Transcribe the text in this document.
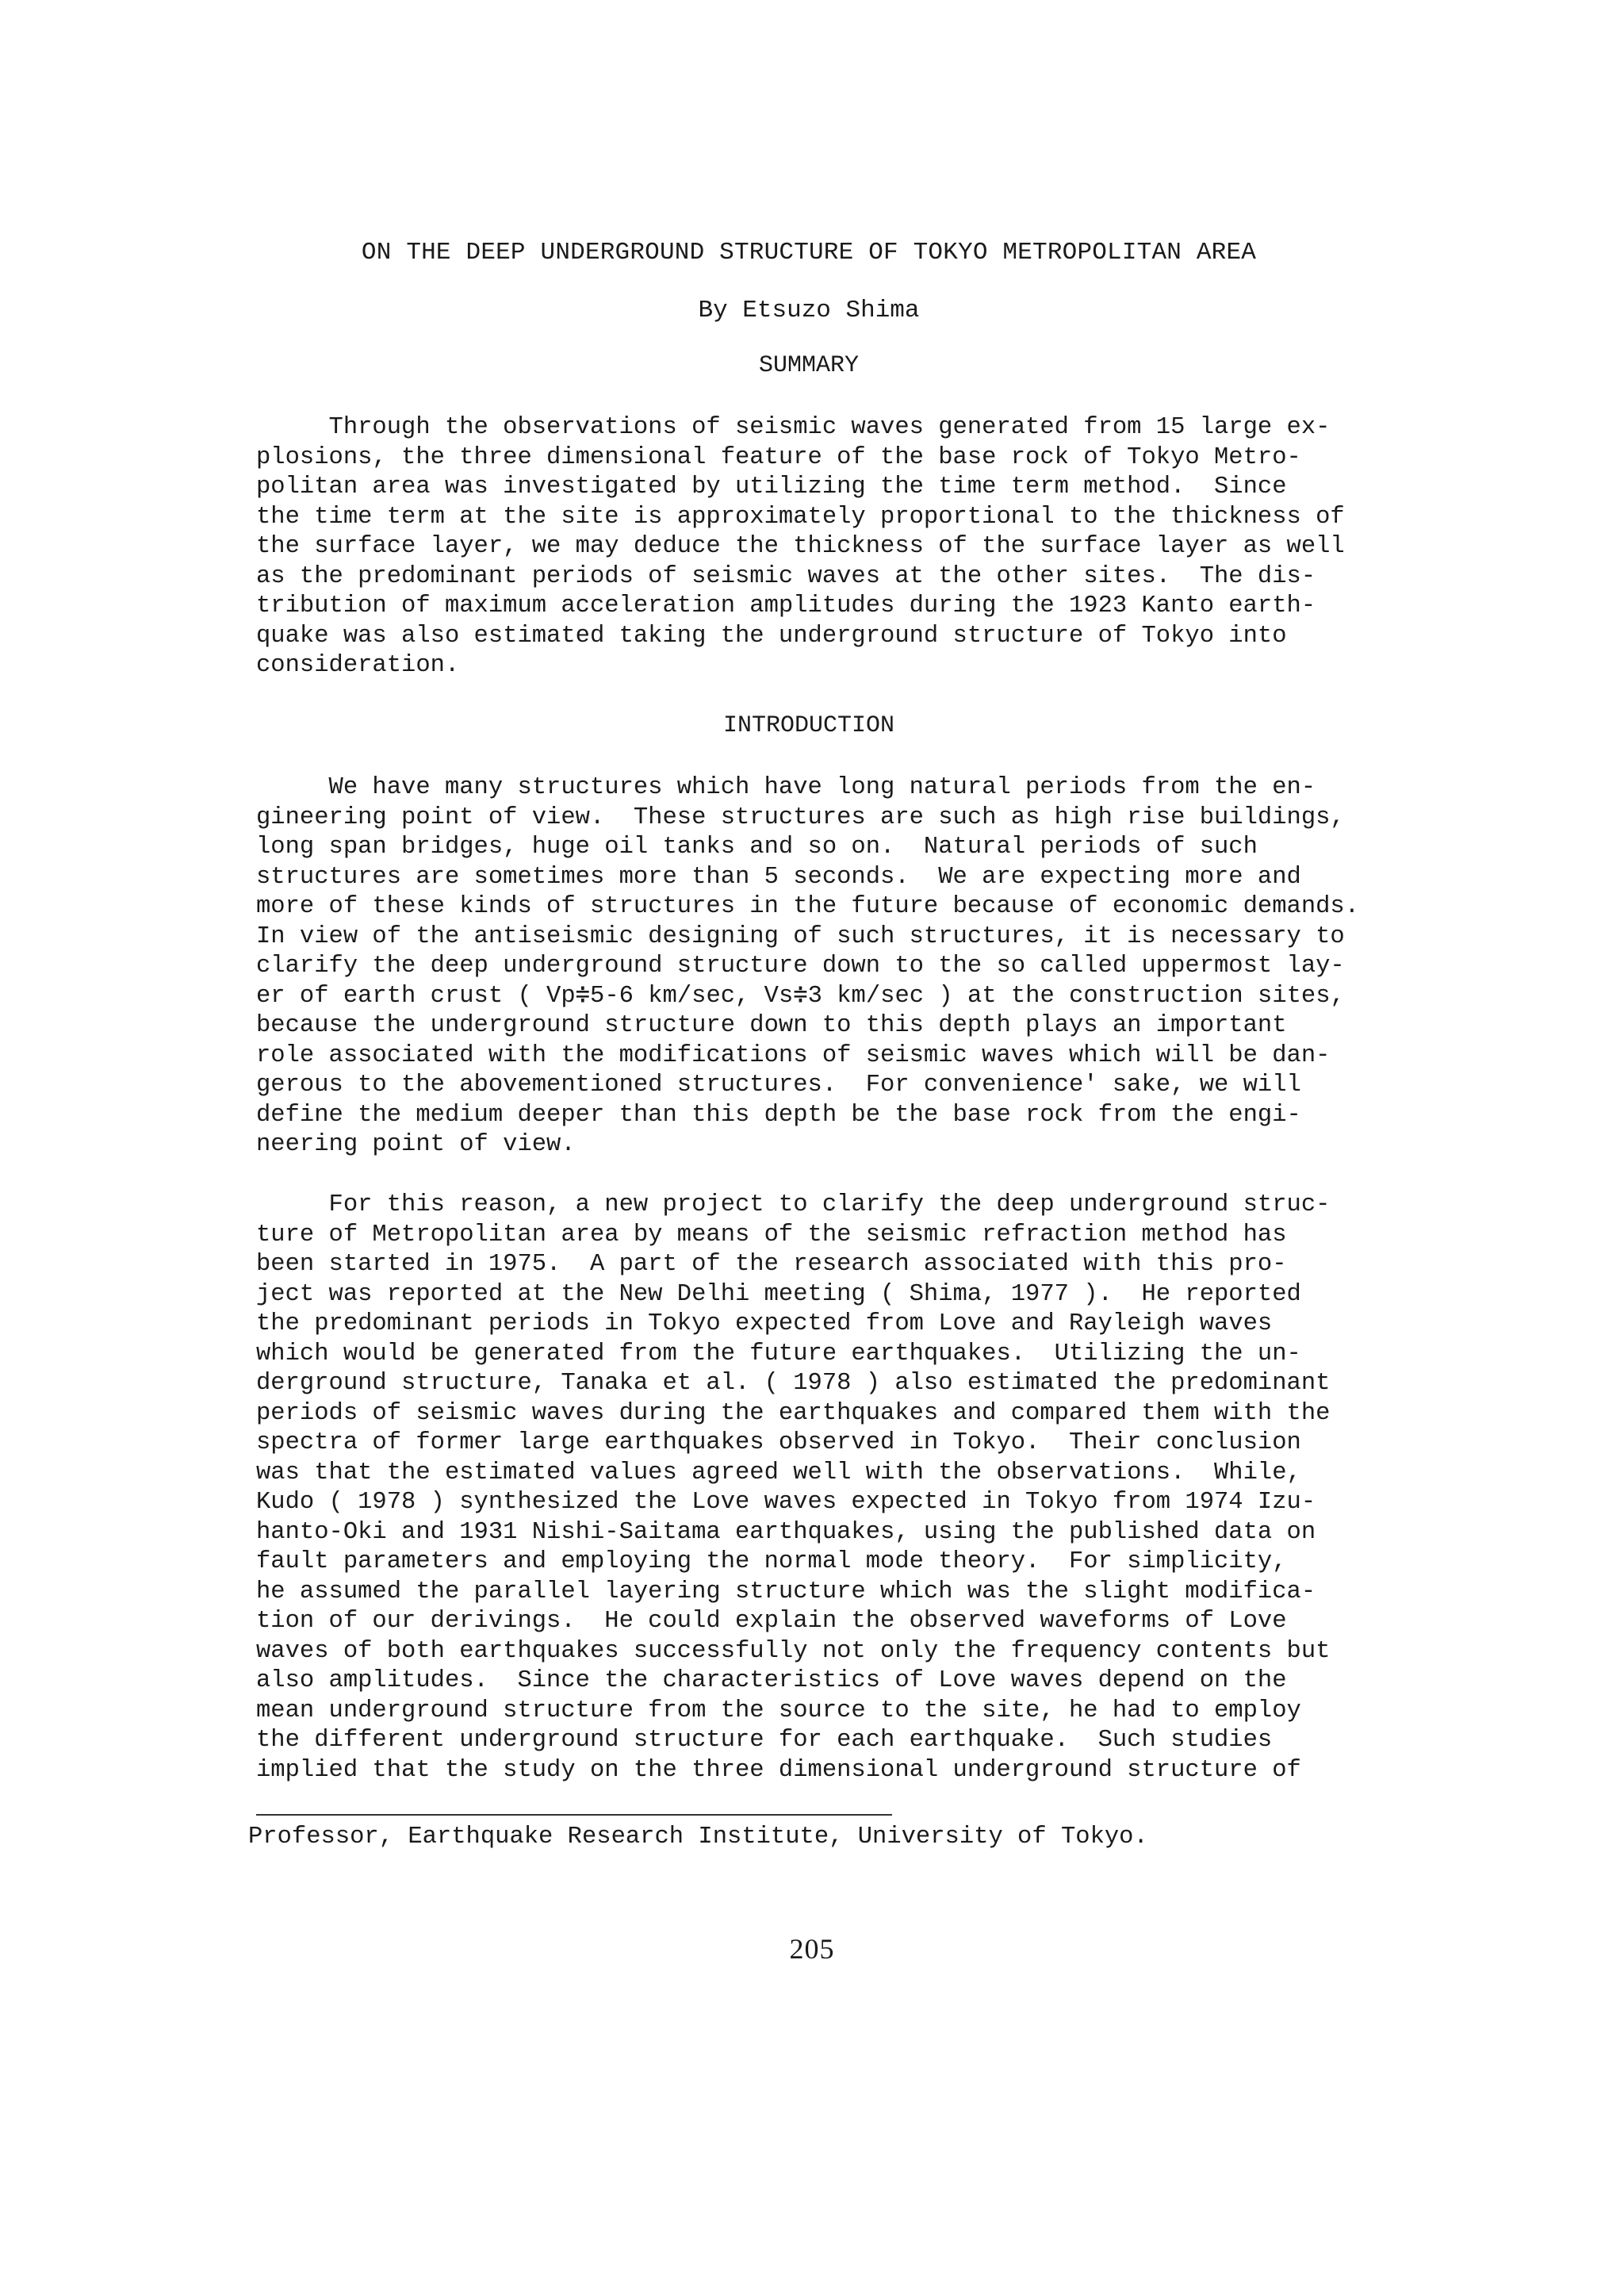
ON THE DEEP UNDERGROUND STRUCTURE OF TOKYO METROPOLITAN AREA
By Etsuzo Shima
SUMMARY
Through the observations of seismic waves generated from 15 large ex-
plosions, the three dimensional feature of the base rock of Tokyo Metro-
politan area was investigated by utilizing the time term method.  Since
the time term at the site is approximately proportional to the thickness of
the surface layer, we may deduce the thickness of the surface layer as well
as the predominant periods of seismic waves at the other sites.  The dis-
tribution of maximum acceleration amplitudes during the 1923 Kanto earth-
quake was also estimated taking the underground structure of Tokyo into
consideration.
INTRODUCTION
We have many structures which have long natural periods from the en-
gineering point of view.  These structures are such as high rise buildings,
long span bridges, huge oil tanks and so on.  Natural periods of such
structures are sometimes more than 5 seconds.  We are expecting more and
more of these kinds of structures in the future because of economic demands.
In view of the antiseismic designing of such structures, it is necessary to
clarify the deep underground structure down to the so called uppermost lay-
er of earth crust ( Vp≑5-6 km/sec, Vs≑3 km/sec ) at the construction sites,
because the underground structure down to this depth plays an important
role associated with the modifications of seismic waves which will be dan-
gerous to the abovementioned structures.  For convenience' sake, we will
define the medium deeper than this depth be the base rock from the engi-
neering point of view.
For this reason, a new project to clarify the deep underground struc-
ture of Metropolitan area by means of the seismic refraction method has
been started in 1975.  A part of the research associated with this pro-
ject was reported at the New Delhi meeting ( Shima, 1977 ).  He reported
the predominant periods in Tokyo expected from Love and Rayleigh waves
which would be generated from the future earthquakes.  Utilizing the un-
derground structure, Tanaka et al. ( 1978 ) also estimated the predominant
periods of seismic waves during the earthquakes and compared them with the
spectra of former large earthquakes observed in Tokyo.  Their conclusion
was that the estimated values agreed well with the observations.  While,
Kudo ( 1978 ) synthesized the Love waves expected in Tokyo from 1974 Izu-
hanto-Oki and 1931 Nishi-Saitama earthquakes, using the published data on
fault parameters and employing the normal mode theory.  For simplicity,
he assumed the parallel layering structure which was the slight modifica-
tion of our derivings.  He could explain the observed waveforms of Love
waves of both earthquakes successfully not only the frequency contents but
also amplitudes.  Since the characteristics of Love waves depend on the
mean underground structure from the source to the site, he had to employ
the different underground structure for each earthquake.  Such studies
implied that the study on the three dimensional underground structure of
Professor, Earthquake Research Institute, University of Tokyo.
205
